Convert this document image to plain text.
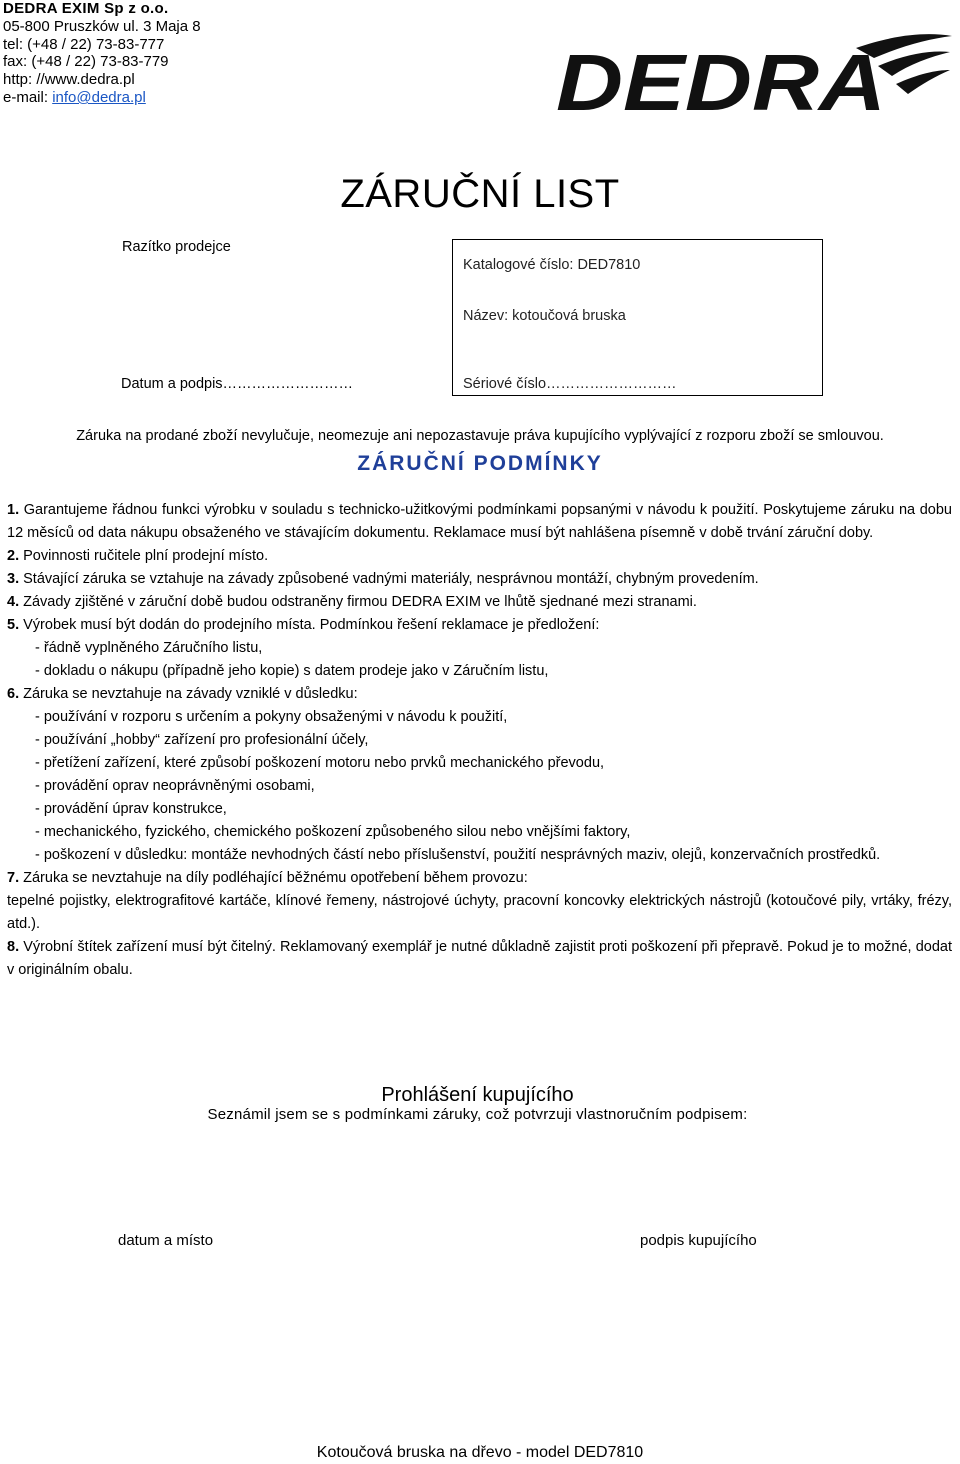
DEDRA EXIM Sp z o.o.
05-800 Pruszków ul. 3 Maja 8
tel: (+48 / 22) 73-83-777
fax: (+48 / 22) 73-83-779
http: //www.dedra.pl
e-mail: info@dedra.pl	DEDRA
ZÁRUČNÍ LIST
Razítko prodejce
Datum a podpis………………………
Katalogové číslo: DED7810
Název: kotoučová bruska
Sériové číslo………………………
Záruka na prodané zboží nevylučuje, neomezuje ani nepozastavuje práva kupujícího vyplývající z rozporu zboží se smlouvou.
ZÁRUČNÍ PODMÍNKY

1. Garantujeme řádnou funkci výrobku v souladu s technicko-užitkovými podmínkami popsanými v návodu k použití. Poskytujeme záruku na dobu 12 měsíců od data nákupu obsaženého ve stávajícím dokumentu. Reklamace musí být nahlášena písemně v době trvání záruční doby.

2. Povinnosti ručitele plní prodejní místo.

3. Stávající záruka se vztahuje na závady způsobené vadnými materiály, nesprávnou montáží, chybným provedením.

4. Závady zjištěné v záruční době budou odstraněny firmou DEDRA EXIM ve lhůtě sjednané mezi stranami.

5. Výrobek musí být dodán do prodejního místa. Podmínkou řešení reklamace je předložení:

- řádně vyplněného Záručního listu,

- dokladu o nákupu (případně jeho kopie) s datem prodeje jako v Záručním listu,

6. Záruka se nevztahuje na závady vzniklé v důsledku:

- používání v rozporu s určením a pokyny obsaženými v návodu k použití,

- používání „hobby“ zařízení pro profesionální účely,

- přetížení zařízení, které způsobí poškození motoru nebo prvků mechanického převodu,

- provádění oprav neoprávněnými osobami,

- provádění úprav konstrukce,

- mechanického, fyzického, chemického poškození způsobeného silou nebo vnějšími faktory,

- poškození v důsledku: montáže nevhodných částí nebo příslušenství, použití nesprávných maziv, olejů, konzervačních prostředků.

7. Záruka se nevztahuje na díly podléhající běžnému opotřebení během provozu:

tepelné pojistky, elektrografitové kartáče, klínové řemeny, nástrojové úchyty, pracovní koncovky elektrických nástrojů (kotoučové pily, vrtáky, frézy, atd.).

8. Výrobní štítek zařízení musí být čitelný. Reklamovaný exemplář je nutné důkladně zajistit proti poškození při přepravě. Pokud je to možné, dodat v originálním obalu.

Prohlášení kupujícího
Seznámil jsem se s podmínkami záruky, což potvrzuji vlastnoručním podpisem:
datum a místo	podpis kupujícího
Kotoučová bruska na dřevo - model DED7810
